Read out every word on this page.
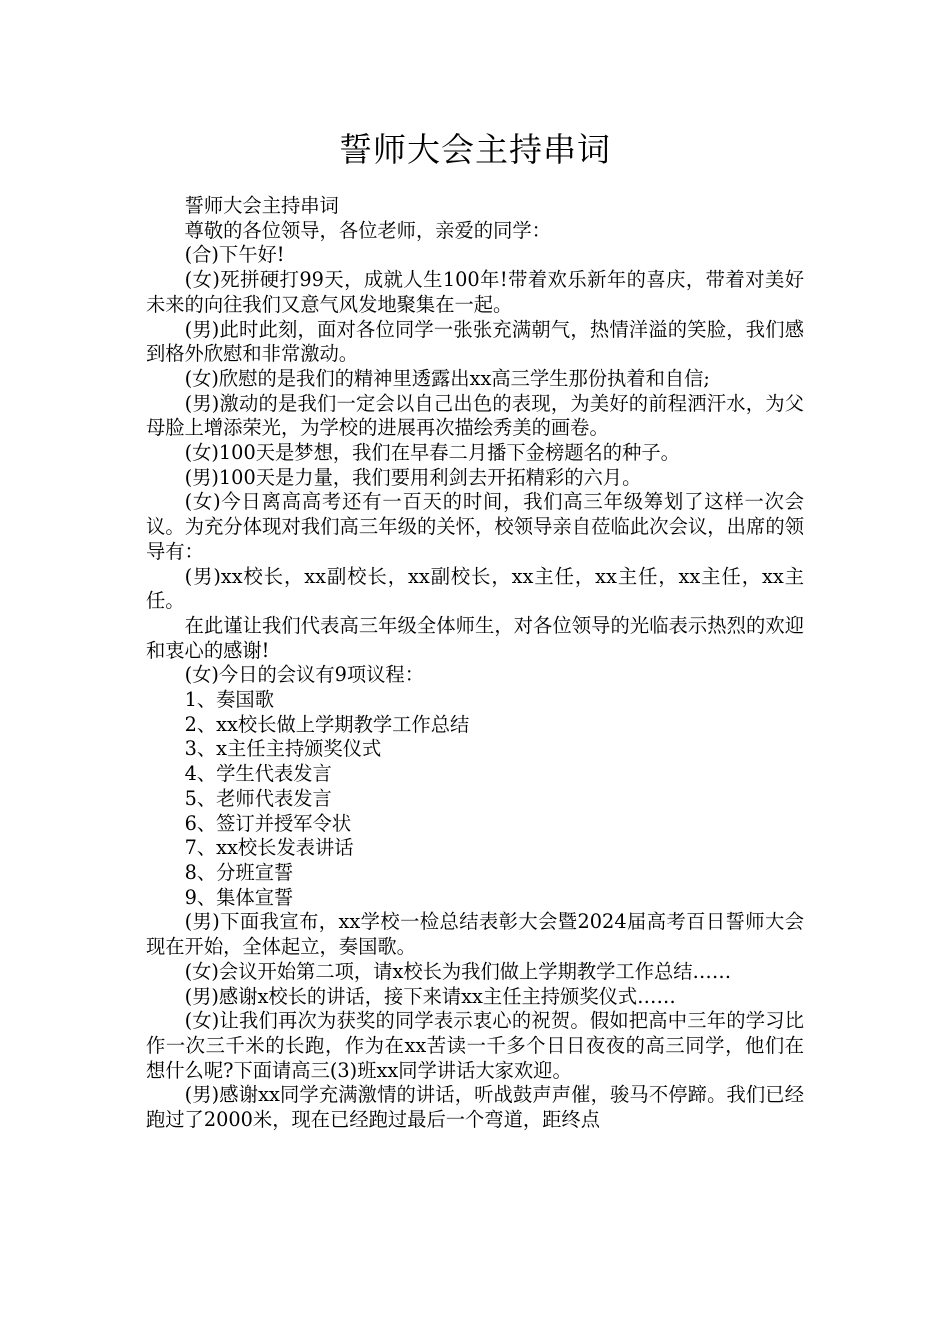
誓师大会主持串词

誓师大会主持串词

尊敬的各位领导，各位老师，亲爱的同学：

(合)下午好!

(女)死拼硬打99天，成就人生100年!带着欢乐新年的喜庆，带着对美好未来的向往我们又意气风发地聚集在一起。

(男)此时此刻，面对各位同学一张张充满朝气，热情洋溢的笑脸，我们感到格外欣慰和非常激动。

(女)欣慰的是我们的精神里透露出xx高三学生那份执着和自信;

(男)激动的是我们一定会以自己出色的表现，为美好的前程洒汗水，为父母脸上增添荣光，为学校的进展再次描绘秀美的画卷。

(女)100天是梦想，我们在早春二月播下金榜题名的种子。

(男)100天是力量，我们要用利剑去开拓精彩的六月。

(女)今日离高高考还有一百天的时间，我们高三年级筹划了这样一次会议。为充分体现对我们高三年级的关怀，校领导亲自莅临此次会议，出席的领导有：

(男)xx校长，xx副校长，xx副校长，xx主任，xx主任，xx主任，xx主任。

在此谨让我们代表高三年级全体师生，对各位领导的光临表示热烈的欢迎和衷心的感谢!

(女)今日的会议有9项议程：

1、奏国歌

2、xx校长做上学期教学工作总结

3、x主任主持颁奖仪式

4、学生代表发言

5、老师代表发言

6、签订并授军令状

7、xx校长发表讲话

8、分班宣誓

9、集体宣誓

(男)下面我宣布，xx学校一检总结表彰大会暨2024届高考百日誓师大会现在开始，全体起立，奏国歌。

(女)会议开始第二项，请x校长为我们做上学期教学工作总结……

(男)感谢x校长的讲话，接下来请xx主任主持颁奖仪式……

(女)让我们再次为获奖的同学表示衷心的祝贺。假如把高中三年的学习比作一次三千米的长跑，作为在xx苦读一千多个日日夜夜的高三同学，他们在想什么呢?下面请高三(3)班xx同学讲话大家欢迎。

(男)感谢xx同学充满激情的讲话，听战鼓声声催，骏马不停蹄。我们已经跑过了2000米，现在已经跑过最后一个弯道，距终点
